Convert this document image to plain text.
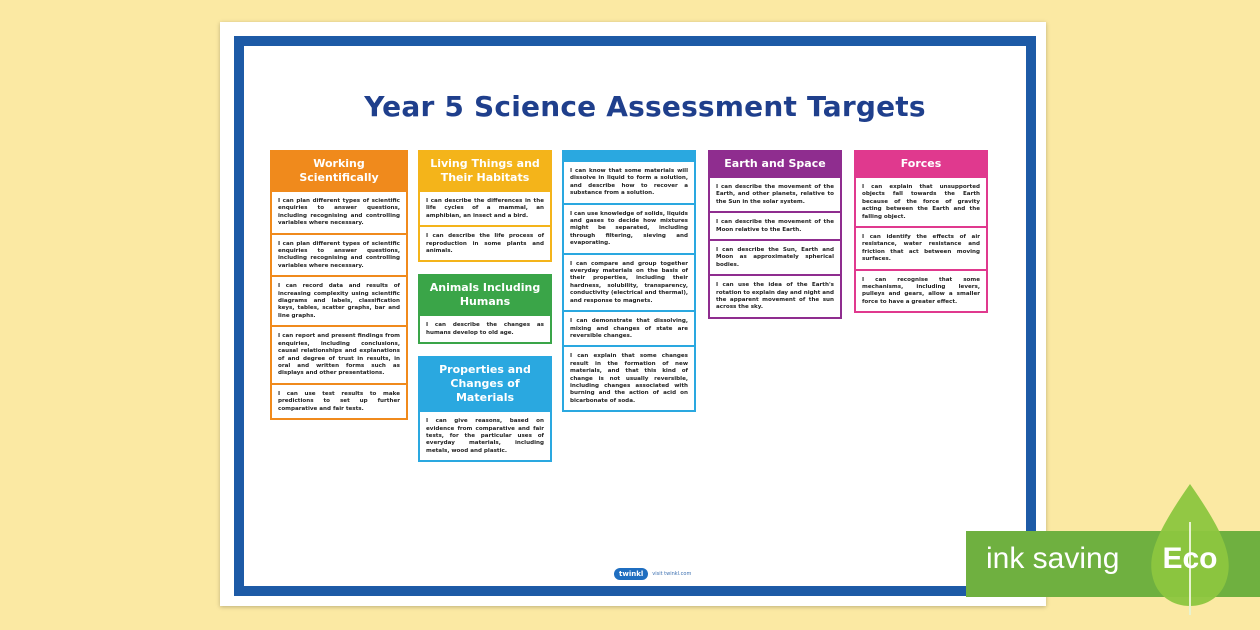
Year 5 Science Assessment Targets
Working Scientifically
I can plan different types of scientific enquiries to answer questions, including recognising and controlling variables where necessary.
I can plan different types of scientific enquiries to answer questions, including recognising and controlling variables where necessary.
I can record data and results of increasing complexity using scientific diagrams and labels, classification keys, tables, scatter graphs, bar and line graphs.
I can report and present findings from enquiries, including conclusions, causal relationships and explanations of and degree of trust in results, in oral and written forms such as displays and other presentations.
I can use test results to make predictions to set up further comparative and fair tests.
Living Things and Their Habitats
I can describe the differences in the life cycles of a mammal, an amphibian, an insect and a bird.
I can describe the life process of reproduction in some plants and animals.
Animals Including Humans
I can describe the changes as humans develop to old age.
Properties and Changes of Materials
I can give reasons, based on evidence from comparative and fair tests, for the particular uses of everyday materials, including metals, wood and plastic.
I can know that some materials will dissolve in liquid to form a solution, and describe how to recover a substance from a solution.
I can use knowledge of solids, liquids and gases to decide how mixtures might be separated, including through filtering, sieving and evaporating.
I can compare and group together everyday materials on the basis of their properties, including their hardness, solubility, transparency, conductivity (electrical and thermal), and response to magnets.
I can demonstrate that dissolving, mixing and changes of state are reversible changes.
I can explain that some changes result in the formation of new materials, and that this kind of change is not usually reversible, including changes associated with burning and the action of acid on bicarbonate of soda.
Earth and Space
I can describe the movement of the Earth, and other planets, relative to the Sun in the solar system.
I can describe the movement of the Moon relative to the Earth.
I can describe the Sun, Earth and Moon as approximately spherical bodies.
I can use the idea of the Earth's rotation to explain day and night and the apparent movement of the sun across the sky.
Forces
I can explain that unsupported objects fall towards the Earth because of the force of gravity acting between the Earth and the falling object.
I can identify the effects of air resistance, water resistance and friction that act between moving surfaces.
I can recognise that some mechanisms, including levers, pulleys and gears, allow a smaller force to have a greater effect.
twinkl	visit twinkl.com	ink saving Eco
